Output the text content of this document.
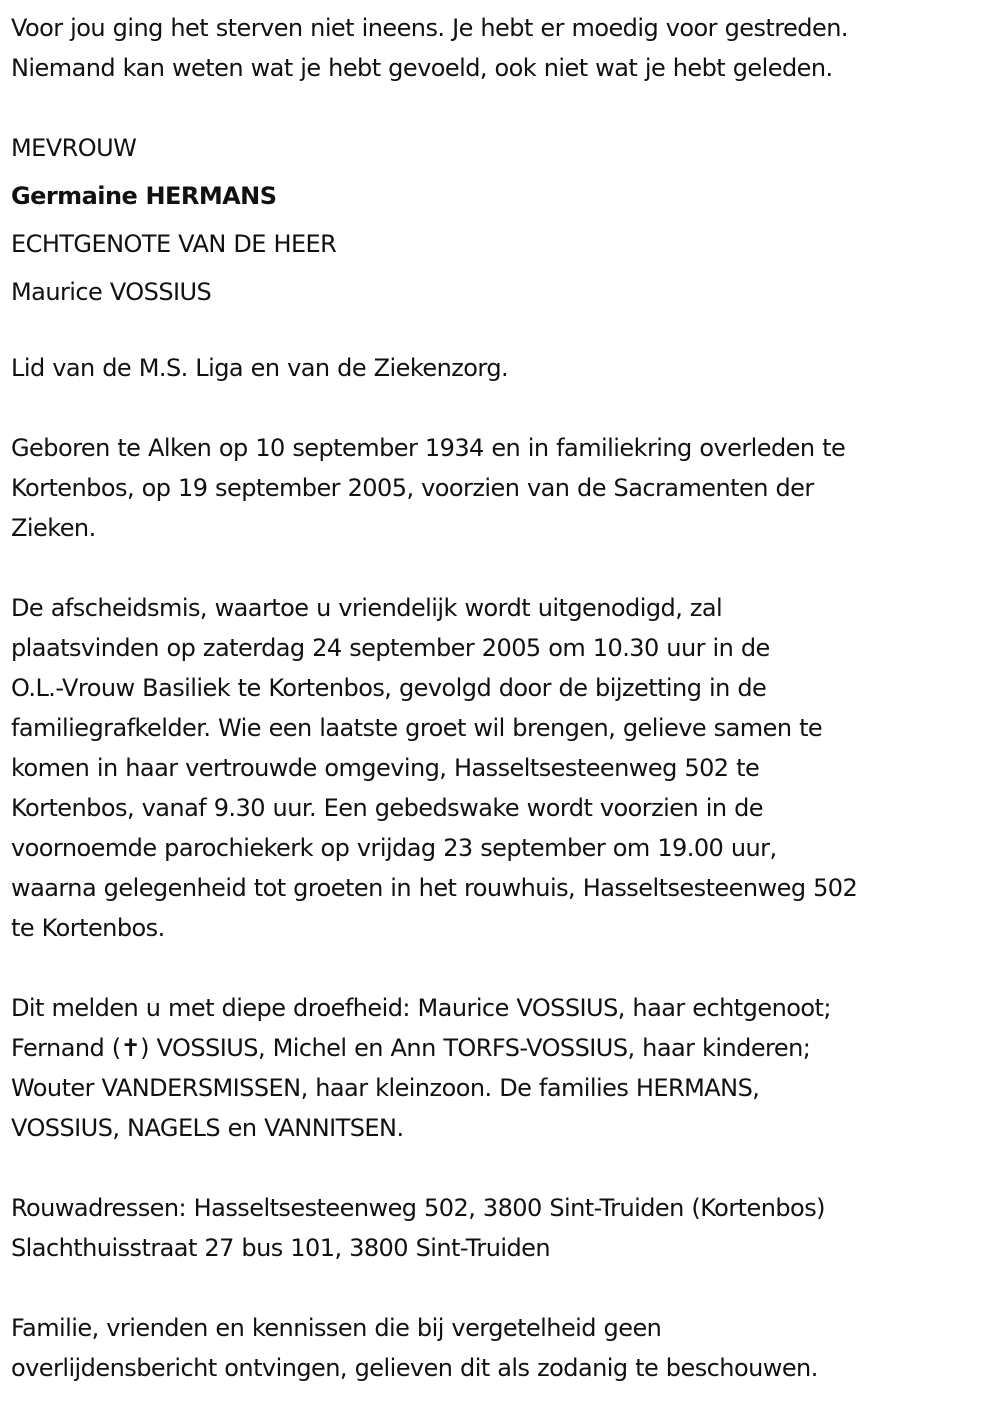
Voor jou ging het sterven niet ineens. Je hebt er moedig voor gestreden.
Niemand kan weten wat je hebt gevoeld, ook niet wat je hebt geleden.
MEVROUW
Germaine HERMANS
ECHTGENOTE VAN DE HEER
Maurice VOSSIUS
Lid van de M.S. Liga en van de Ziekenzorg.
Geboren te Alken op 10 september 1934 en in familiekring overleden te
Kortenbos, op 19 september 2005, voorzien van de Sacramenten der
Zieken.
De afscheidsmis, waartoe u vriendelijk wordt uitgenodigd, zal
plaatsvinden op zaterdag 24 september 2005 om 10.30 uur in de
O.L.-Vrouw Basiliek te Kortenbos, gevolgd door de bijzetting in de
familiegrafkelder. Wie een laatste groet wil brengen, gelieve samen te
komen in haar vertrouwde omgeving, Hasseltsesteenweg 502 te
Kortenbos, vanaf 9.30 uur. Een gebedswake wordt voorzien in de
voornoemde parochiekerk op vrijdag 23 september om 19.00 uur,
waarna gelegenheid tot groeten in het rouwhuis, Hasseltsesteenweg 502
te Kortenbos.
Dit melden u met diepe droefheid: Maurice VOSSIUS, haar echtgenoot;
Fernand (✝) VOSSIUS, Michel en Ann TORFS-VOSSIUS, haar kinderen;
Wouter VANDERSMISSEN, haar kleinzoon. De families HERMANS,
VOSSIUS, NAGELS en VANNITSEN.
Rouwadressen: Hasseltsesteenweg 502, 3800 Sint-Truiden (Kortenbos)
Slachthuisstraat 27 bus 101, 3800 Sint-Truiden
Familie, vrienden en kennissen die bij vergetelheid geen
overlijdensbericht ontvingen, gelieven dit als zodanig te beschouwen.
